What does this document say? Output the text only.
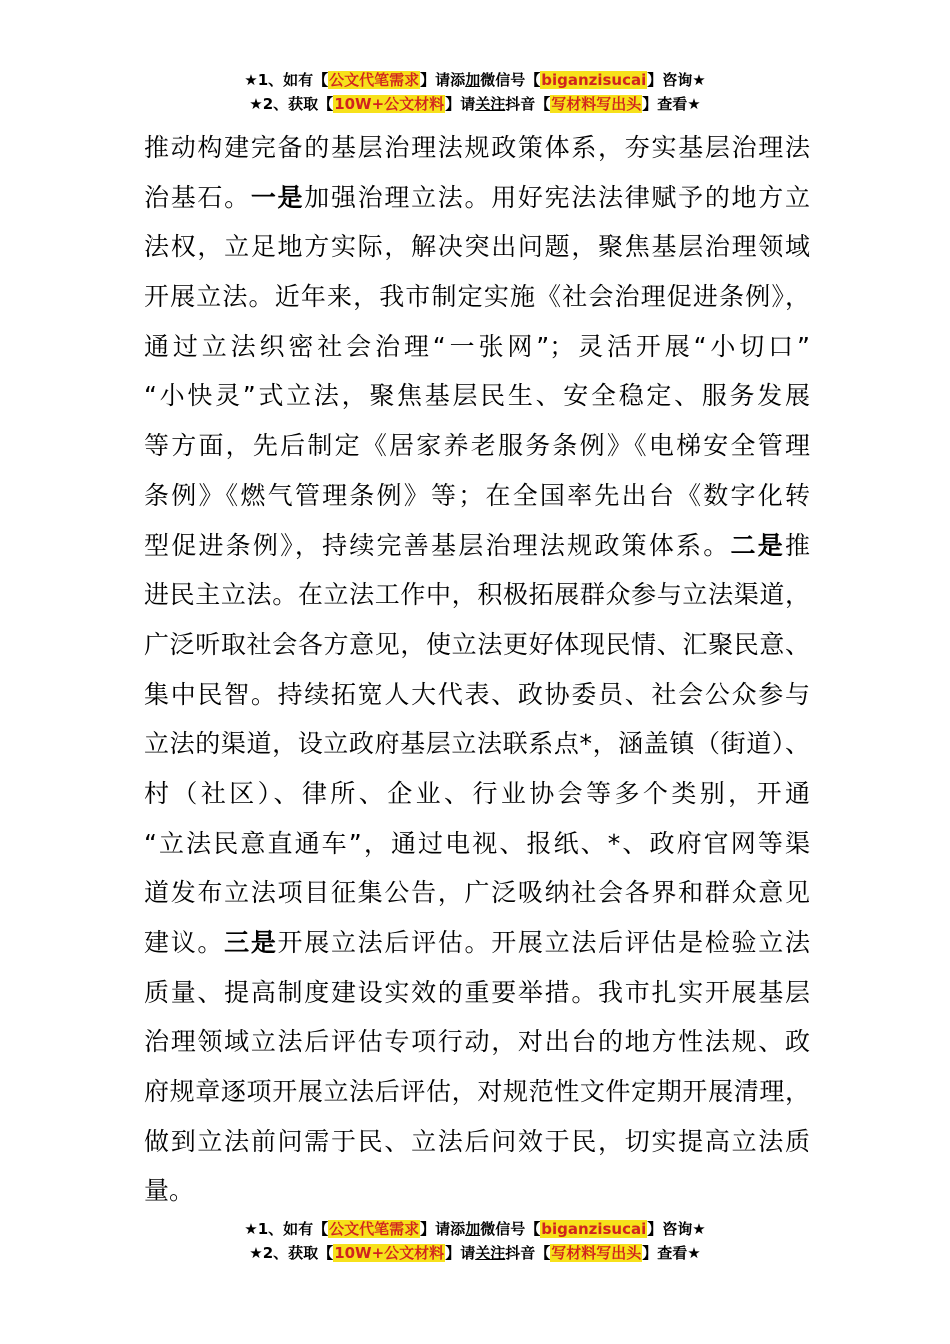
★1、如有【公文代笔需求】请添加微信号【biganzisucai】咨询★
★2、获取【10W+公文材料】请关注抖音【写材料写出头】查看★
推动构建完备的基层治理法规政策体系，夯实基层治理法
治基石。一是加强治理立法。用好宪法法律赋予的地方立
法权，立足地方实际，解决突出问题，聚焦基层治理领域
开展立法。近年来，我市制定实施《社会治理促进条例》，
通过立法织密社会治理“一张网”；灵活开展“小切口”
“小快灵”式立法，聚焦基层民生、安全稳定、服务发展
等方面，先后制定《居家养老服务条例》《电梯安全管理
条例》《燃气管理条例》等；在全国率先出台《数字化转
型促进条例》，持续完善基层治理法规政策体系。二是推
进民主立法。在立法工作中，积极拓展群众参与立法渠道，
广泛听取社会各方意见，使立法更好体现民情、汇聚民意、
集中民智。持续拓宽人大代表、政协委员、社会公众参与
立法的渠道，设立政府基层立法联系点*，涵盖镇（街道）、
村（社区）、律所、企业、行业协会等多个类别，开通
“立法民意直通车”，通过电视、报纸、*、政府官网等渠
道发布立法项目征集公告，广泛吸纳社会各界和群众意见
建议。三是开展立法后评估。开展立法后评估是检验立法
质量、提高制度建设实效的重要举措。我市扎实开展基层
治理领域立法后评估专项行动，对出台的地方性法规、政
府规章逐项开展立法后评估，对规范性文件定期开展清理，
做到立法前问需于民、立法后问效于民，切实提高立法质
量。
★1、如有【公文代笔需求】请添加微信号【biganzisucai】咨询★
★2、获取【10W+公文材料】请关注抖音【写材料写出头】查看★
